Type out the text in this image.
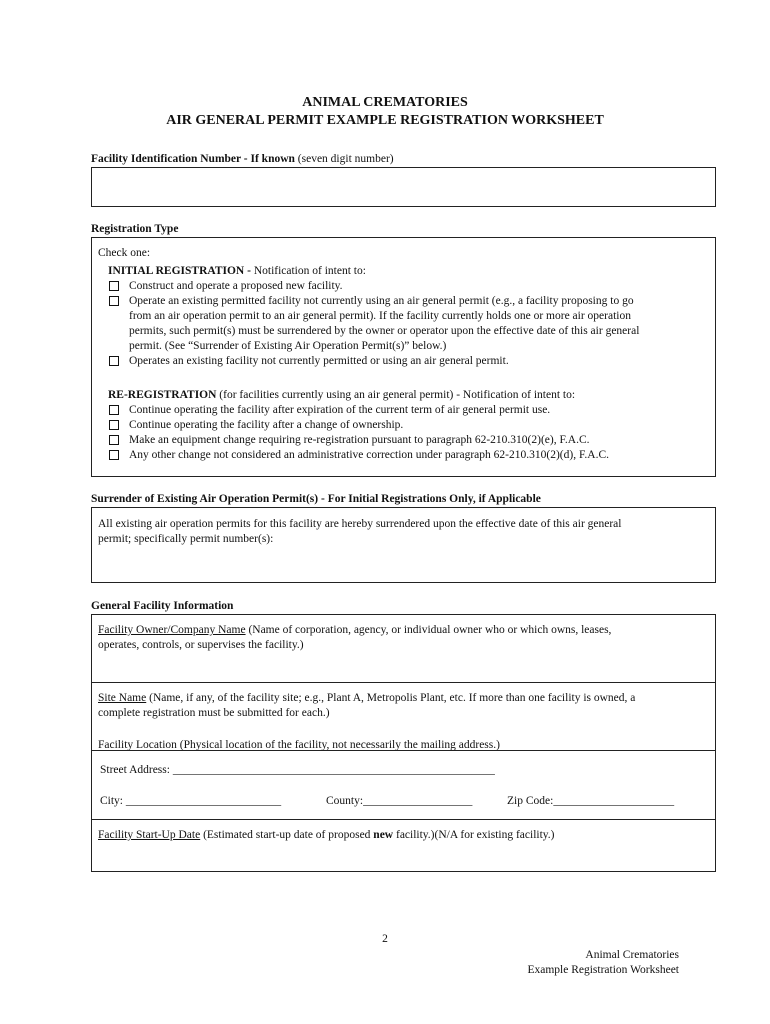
ANIMAL CREMATORIES
AIR GENERAL PERMIT EXAMPLE REGISTRATION WORKSHEET
Facility Identification Number - If known (seven digit number)
Registration Type
Check one:
INITIAL REGISTRATION - Notification of intent to:
Construct and operate a proposed new facility.
Operate an existing permitted facility not currently using an air general permit (e.g., a facility proposing to go
from an air operation permit to an air general permit). If the facility currently holds one or more air operation
permits, such permit(s) must be surrendered by the owner or operator upon the effective date of this air general
permit. (See “Surrender of Existing Air Operation Permit(s)” below.)
Operates an existing facility not currently permitted or using an air general permit.
RE-REGISTRATION (for facilities currently using an air general permit) - Notification of intent to:
Continue operating the facility after expiration of the current term of air general permit use.
Continue operating the facility after a change of ownership.
Make an equipment change requiring re-registration pursuant to paragraph 62-210.310(2)(e), F.A.C.
Any other change not considered an administrative correction under paragraph 62-210.310(2)(d), F.A.C.
Surrender of Existing Air Operation Permit(s) - For Initial Registrations Only, if Applicable
All existing air operation permits for this facility are hereby surrendered upon the effective date of this air general
permit; specifically permit number(s):
General Facility Information
Facility Owner/Company Name (Name of corporation, agency, or individual owner who or which owns, leases,
operates, controls, or supervises the facility.)
Site Name (Name, if any, of the facility site; e.g., Plant A, Metropolis Plant, etc. If more than one facility is owned, a
complete registration must be submitted for each.)
Facility Location (Physical location of the facility, not necessarily the mailing address.)
Street Address: ________________________________________________________
City: ___________________________	County:___________________	Zip Code:_____________________
Facility Start-Up Date (Estimated start-up date of proposed new facility.)(N/A for existing facility.)
2
Animal Crematories
Example Registration Worksheet
